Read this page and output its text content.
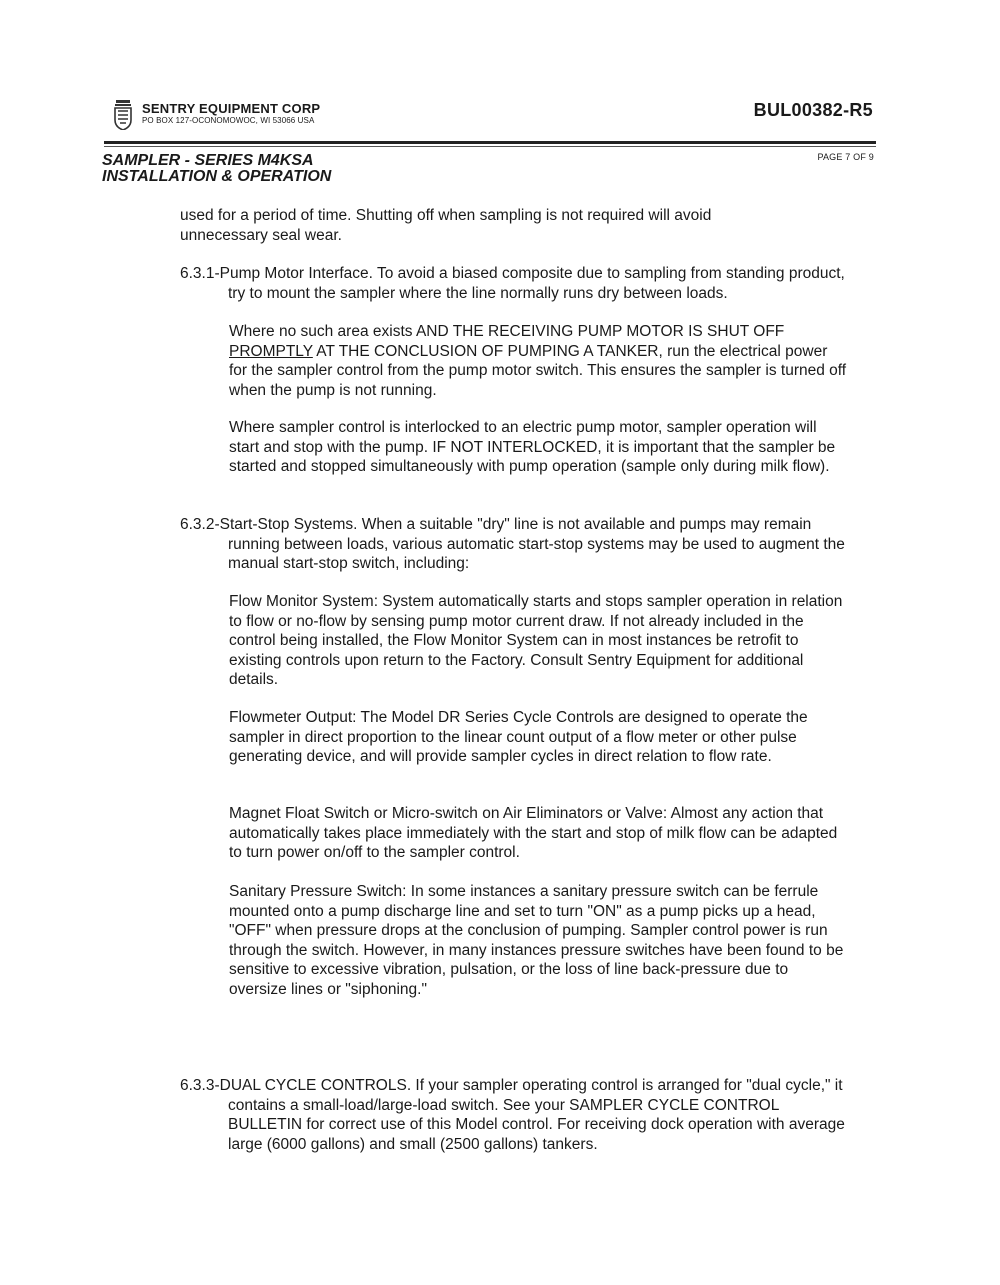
SENTRY EQUIPMENT CORP
PO BOX 127-OCONOMOWOC, WI 53066 USA
BUL00382-R5
SAMPLER - SERIES M4KSA
INSTALLATION & OPERATION
PAGE 7 OF 9

used for a period of time. Shutting off when sampling is not required will avoid unnecessary seal wear.

6.3.1-Pump Motor Interface. To avoid a biased composite due to sampling from standing product, try to mount the sampler where the line normally runs dry between loads.

Where no such area exists AND THE RECEIVING PUMP MOTOR IS SHUT OFF PROMPTLY AT THE CONCLUSION OF PUMPING A TANKER, run the electrical power for the sampler control from the pump motor switch. This ensures the sampler is turned off when the pump is not running.

Where sampler control is interlocked to an electric pump motor, sampler operation will start and stop with the pump. IF NOT INTERLOCKED, it is important that the sampler be started and stopped simultaneously with pump operation (sample only during milk flow).

6.3.2-Start-Stop Systems. When a suitable "dry" line is not available and pumps may remain running between loads, various automatic start-stop systems may be used to augment the manual start-stop switch, including:

Flow Monitor System: System automatically starts and stops sampler operation in relation to flow or no-flow by sensing pump motor current draw. If not already included in the control being installed, the Flow Monitor System can in most instances be retrofit to existing controls upon return to the Factory. Consult Sentry Equipment for additional details.

Flowmeter Output: The Model DR Series Cycle Controls are designed to operate the sampler in direct proportion to the linear count output of a flow meter or other pulse generating device, and will provide sampler cycles in direct relation to flow rate.

Magnet Float Switch or Micro-switch on Air Eliminators or Valve: Almost any action that automatically takes place immediately with the start and stop of milk flow can be adapted to turn power on/off to the sampler control.

Sanitary Pressure Switch: In some instances a sanitary pressure switch can be ferrule mounted onto a pump discharge line and set to turn "ON" as a pump picks up a head, "OFF" when pressure drops at the conclusion of pumping. Sampler control power is run through the switch. However, in many instances pressure switches have been found to be sensitive to excessive vibration, pulsation, or the loss of line back-pressure due to oversize lines or "siphoning."

6.3.3-DUAL CYCLE CONTROLS. If your sampler operating control is arranged for "dual cycle," it contains a small-load/large-load switch. See your SAMPLER CYCLE CONTROL BULLETIN for correct use of this Model control. For receiving dock operation with average large (6000 gallons) and small (2500 gallons) tankers.
